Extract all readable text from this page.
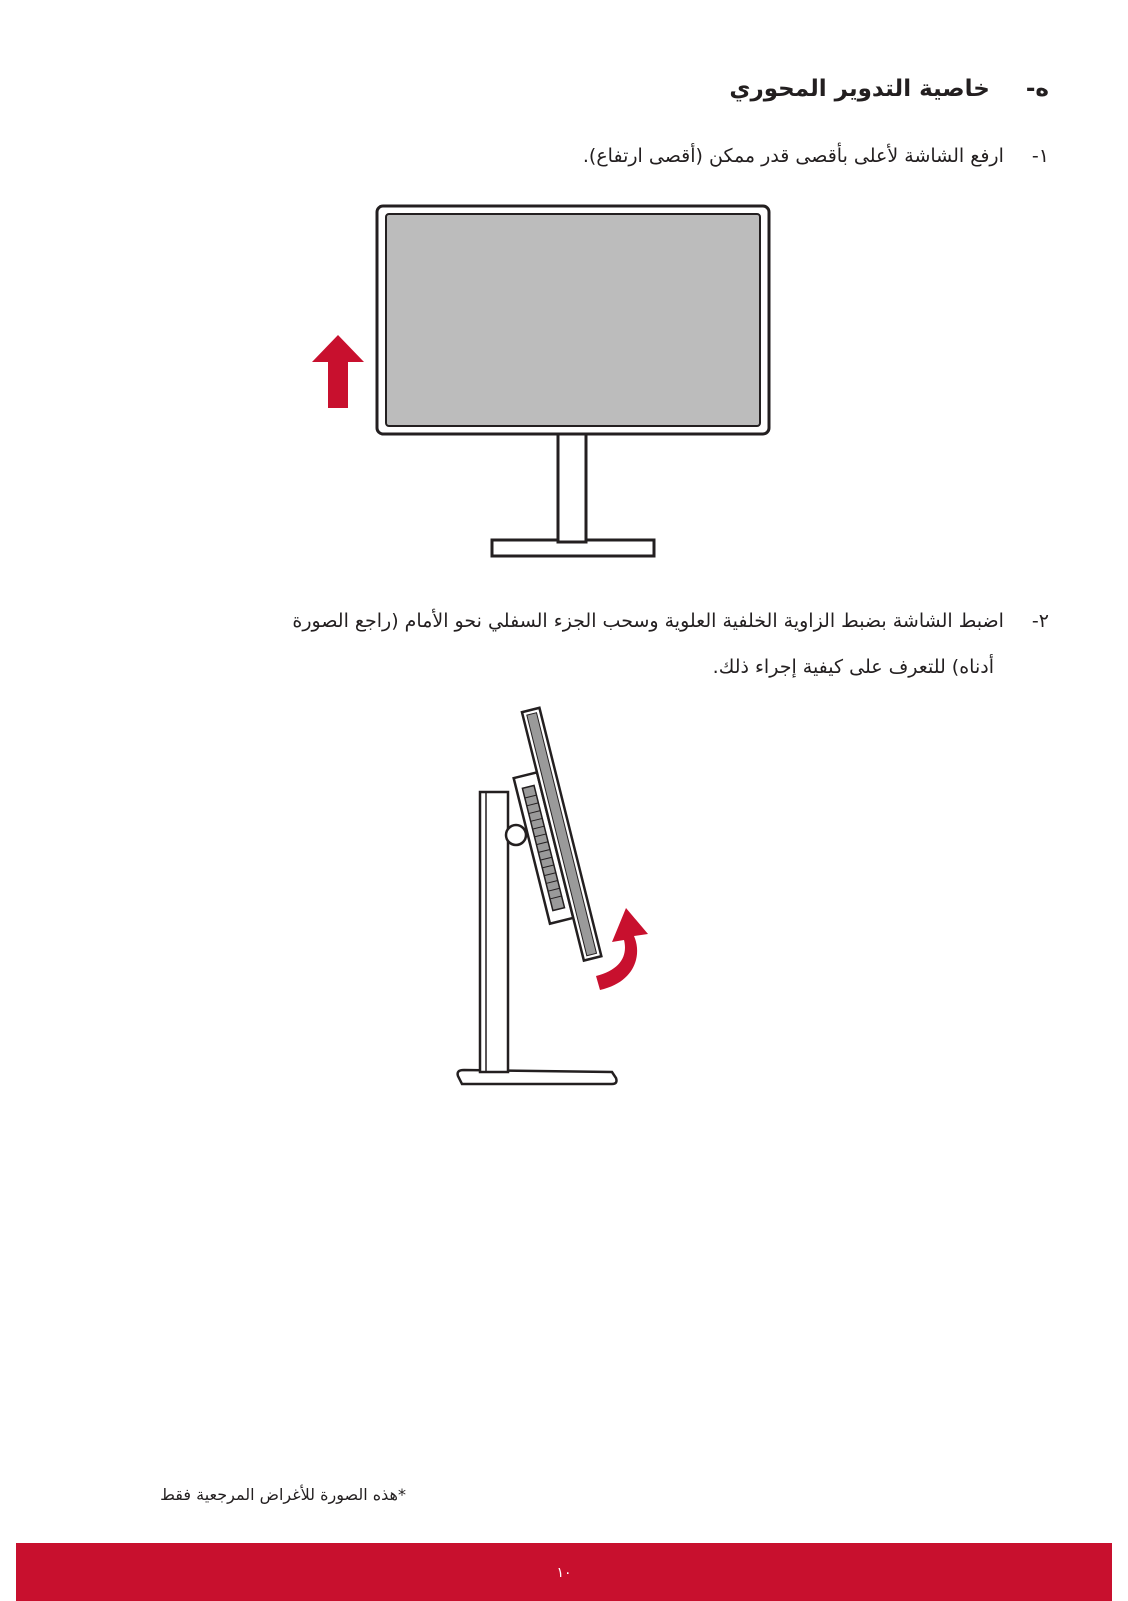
ه- خاصية التدوير المحوري
١- ارفع الشاشة لأعلى بأقصى قدر ممكن (أقصى ارتفاع).
٢- اضبط الشاشة بضبط الزاوية الخلفية العلوية وسحب الجزء السفلي نحو الأمام (راجع الصورة
أدناه) للتعرف على كيفية إجراء ذلك.
*هذه الصورة للأغراض المرجعية فقط
١٠
